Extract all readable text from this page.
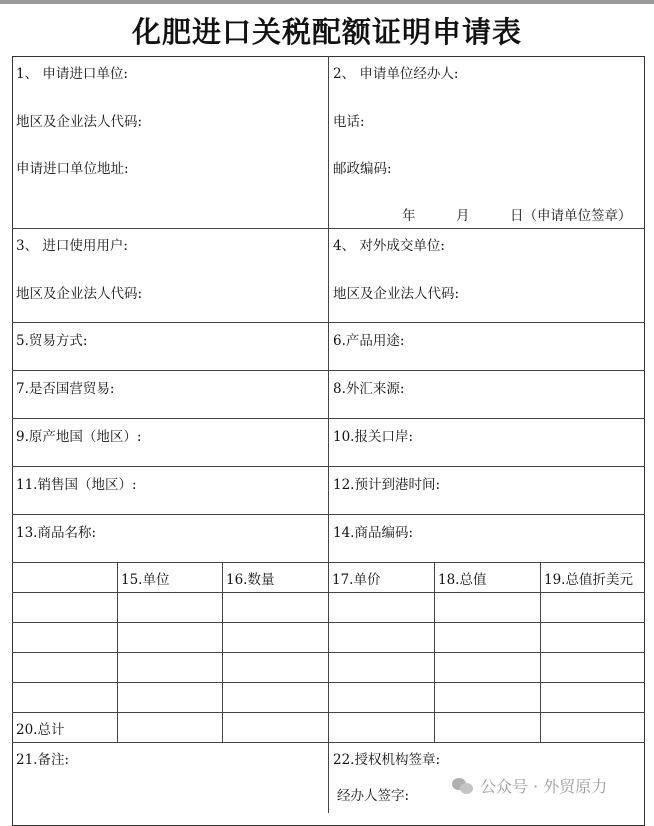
化肥进口关税配额证明申请表
1、 申请进口单位:
地区及企业法人代码:
申请进口单位地址:
2、 申请单位经办人:
电话:
邮政编码:
年	月	日（申请单位签章）
3、 进口使用用户:
地区及企业法人代码:
4、 对外成交单位:
地区及企业法人代码:
5.贸易方式:	6.产品用途:
7.是否国营贸易:	8.外汇来源:
9.原产地国（地区）:	10.报关口岸:
11.销售国（地区）:	12.预计到港时间:
13.商品名称:	14.商品编码:
15.单位	16.数量	17.单价	18.总值	19.总值折美元
20.总计
21.备注:	22.授权机构签章:
经办人签字:	公众号 · 外贸原力
